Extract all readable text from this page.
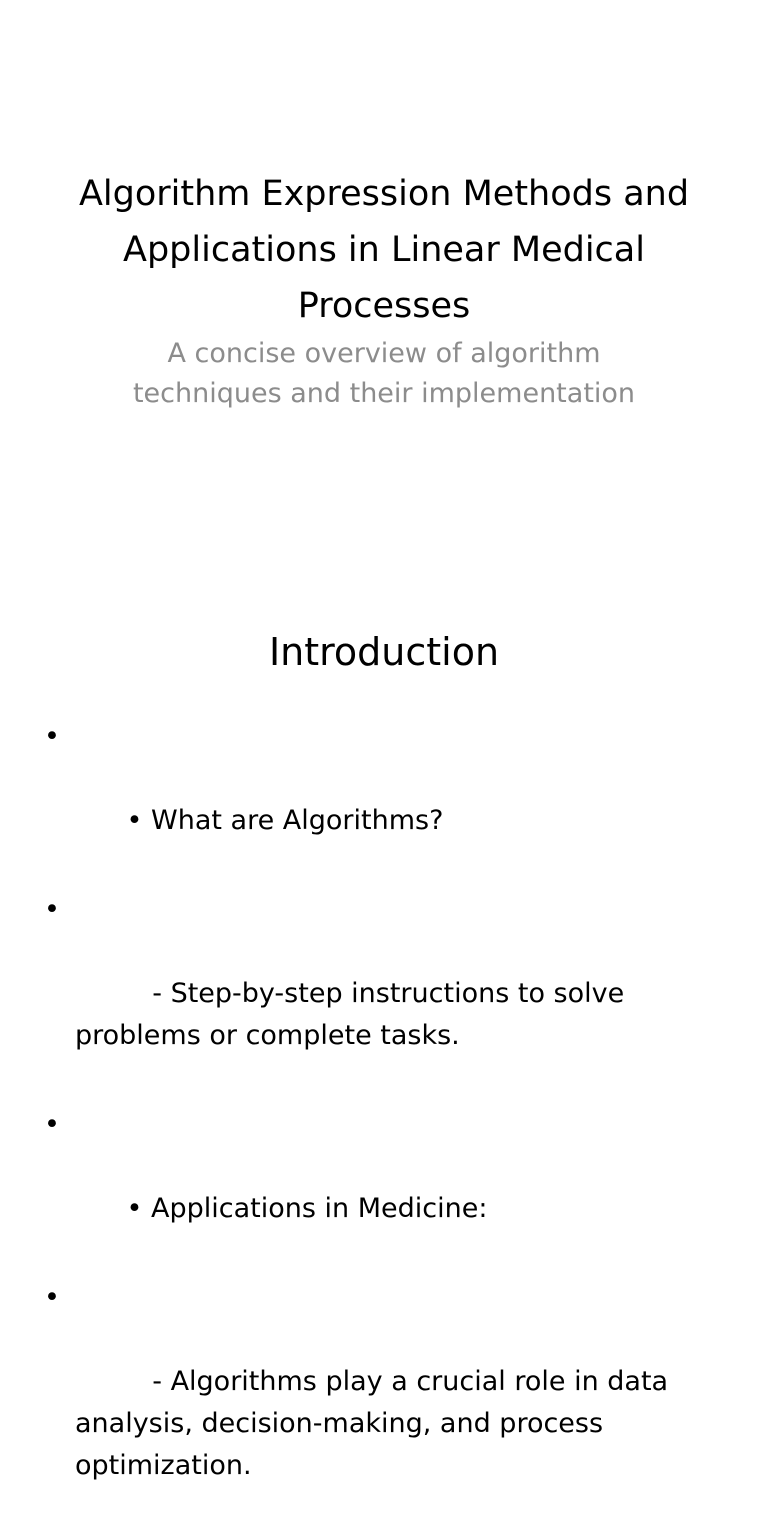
Algorithm Expression Methods and Applications in Linear Medical Processes

A concise overview of algorithm techniques and their implementation

Introduction

•

• What are Algorithms?

•

- Step-by-step instructions to solve problems or complete tasks.

•

• Applications in Medicine:

•

- Algorithms play a crucial role in data analysis, decision-making, and process optimization.
